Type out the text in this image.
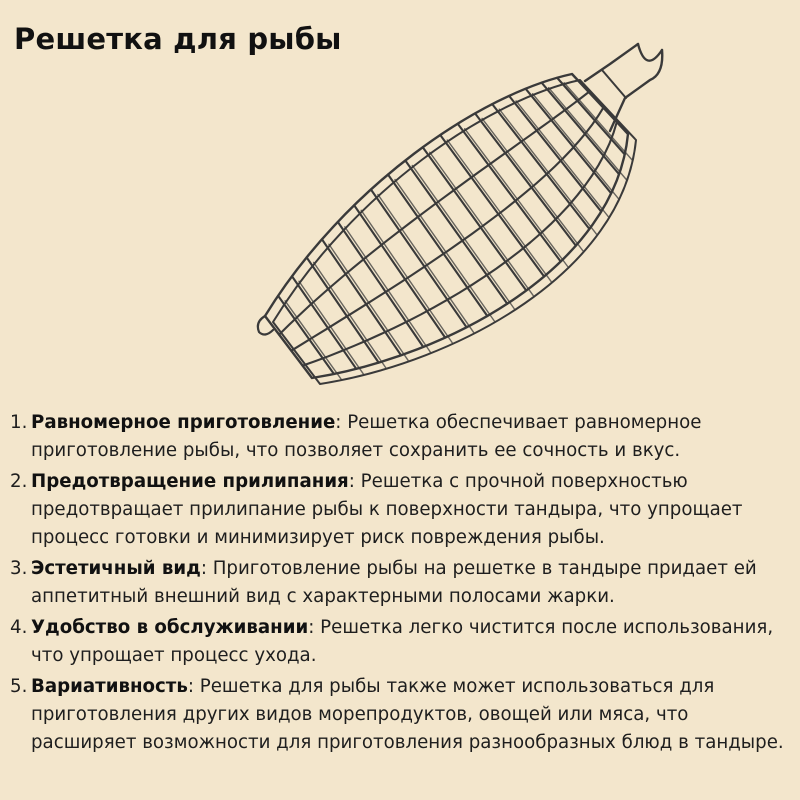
Решетка для рыбы
1. Равномерное приготовление: Решетка обеспечивает равномерное приготовление рыбы, что позволяет сохранить ее сочность и вкус.
2. Предотвращение прилипания: Решетка с прочной поверхностью предотвращает прилипание рыбы к поверхности тандыра, что упрощает процесс готовки и минимизирует риск повреждения рыбы.
3. Эстетичный вид: Приготовление рыбы на решетке в тандыре придает ей аппетитный внешний вид с характерными полосами жарки.
4. Удобство в обслуживании: Решетка легко чистится после использования, что упрощает процесс ухода.
5. Вариативность: Решетка для рыбы также может использоваться для приготовления других видов морепродуктов, овощей или мяса, что расширяет возможности для приготовления разнообразных блюд в тандыре.
